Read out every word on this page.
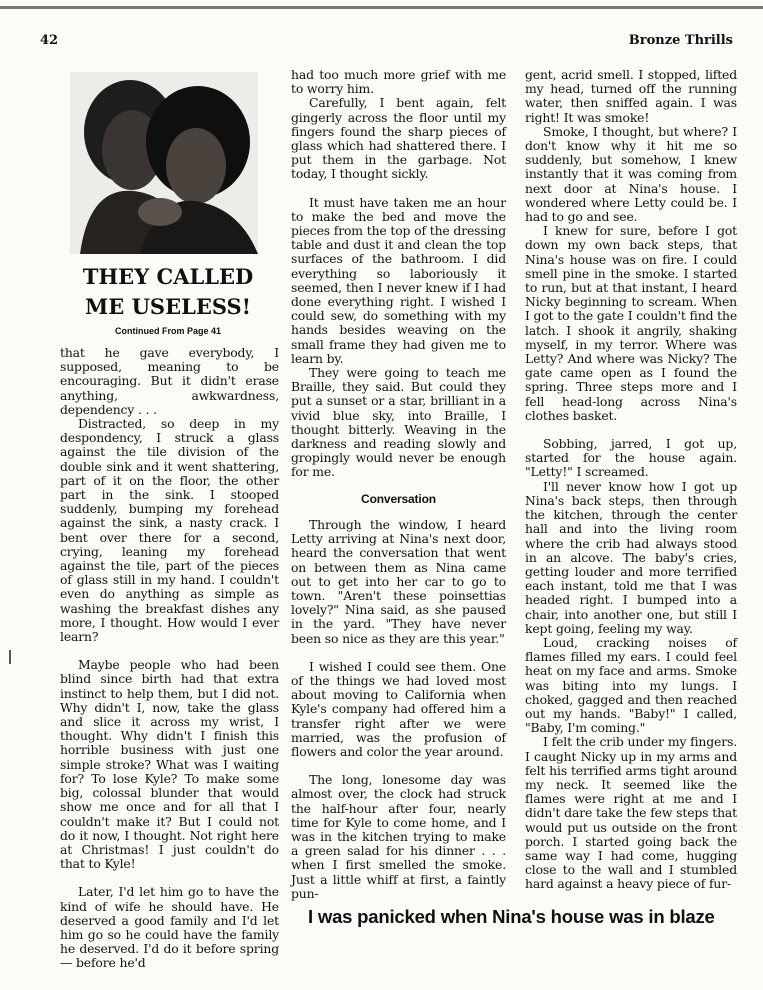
42	Bronze Thrills
THEY CALLED
ME USELESS!
Continued From Page 41

that he gave everybody, I supposed, meaning to be encouraging. But it didn't erase anything, awkwardness, dependency . . .

Distracted, so deep in my despondency, I struck a glass against the tile division of the double sink and it went shattering, part of it on the floor, the other part in the sink. I stooped suddenly, bumping my forehead against the sink, a nasty crack. I bent over there for a second, crying, leaning my forehead against the tile, part of the pieces of glass still in my hand. I couldn't even do anything as simple as washing the breakfast dishes any more, I thought. How would I ever learn?

Maybe people who had been blind since birth had that extra instinct to help them, but I did not. Why didn't I, now, take the glass and slice it across my wrist, I thought. Why didn't I finish this horrible business with just one simple stroke? What was I waiting for? To lose Kyle? To make some big, colossal blunder that would show me once and for all that I couldn't make it? But I could not do it now, I thought. Not right here at Christmas! I just couldn't do that to Kyle!

Later, I'd let him go to have the kind of wife he should have. He deserved a good family and I'd let him go so he could have the family he deserved. I'd do it before spring — before he'd

had too much more grief with me to worry him.

Carefully, I bent again, felt gingerly across the floor until my fingers found the sharp pieces of glass which had shattered there. I put them in the garbage. Not today, I thought sickly.

It must have taken me an hour to make the bed and move the pieces from the top of the dressing table and dust it and clean the top surfaces of the bathroom. I did everything so laboriously it seemed, then I never knew if I had done everything right. I wished I could sew, do something with my hands besides weaving on the small frame they had given me to learn by.

They were going to teach me Braille, they said. But could they put a sunset or a star, brilliant in a vivid blue sky, into Braille, I thought bitterly. Weaving in the darkness and reading slowly and gropingly would never be enough for me.

Conversation

Through the window, I heard Letty arriving at Nina's next door, heard the conversation that went on between them as Nina came out to get into her car to go to town. "Aren't these poinsettias lovely?" Nina said, as she paused in the yard. "They have never been so nice as they are this year."

I wished I could see them. One of the things we had loved most about moving to California when Kyle's company had offered him a transfer right after we were married, was the profusion of flowers and color the year around.

The long, lonesome day was almost over, the clock had struck the half-hour after four, nearly time for Kyle to come home, and I was in the kitchen trying to make a green salad for his dinner . . . when I first smelled the smoke. Just a little whiff at first, a faintly pun-

gent, acrid smell. I stopped, lifted my head, turned off the running water, then sniffed again. I was right! It was smoke!

Smoke, I thought, but where? I don't know why it hit me so suddenly, but somehow, I knew instantly that it was coming from next door at Nina's house. I wondered where Letty could be. I had to go and see.

I knew for sure, before I got down my own back steps, that Nina's house was on fire. I could smell pine in the smoke. I started to run, but at that instant, I heard Nicky beginning to scream. When I got to the gate I couldn't find the latch. I shook it angrily, shaking myself, in my terror. Where was Letty? And where was Nicky? The gate came open as I found the spring. Three steps more and I fell head-long across Nina's clothes basket.

Sobbing, jarred, I got up, started for the house again. "Letty!" I screamed.

I'll never know how I got up Nina's back steps, then through the kitchen, through the center hall and into the living room where the crib had always stood in an alcove. The baby's cries, getting louder and more terrified each instant, told me that I was headed right. I bumped into a chair, into another one, but still I kept going, feeling my way.

Loud, cracking noises of flames filled my ears. I could feel heat on my face and arms. Smoke was biting into my lungs. I choked, gagged and then reached out my hands. "Baby!" I called, "Baby, I'm coming."

I felt the crib under my fingers. I caught Nicky up in my arms and felt his terrified arms tight around my neck. It seemed like the flames were right at me and I didn't dare take the few steps that would put us outside on the front porch. I started going back the same way I had come, hugging close to the wall and I stumbled hard against a heavy piece of fur-

I was panicked when Nina's house was in blaze
